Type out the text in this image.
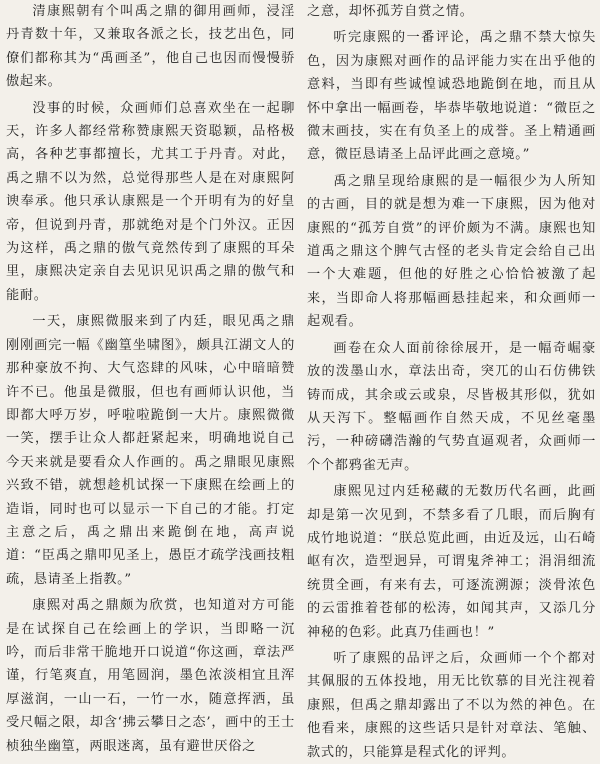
清康熙朝有个叫禹之鼎的御用画师，浸淫丹青数十年，又兼取各派之长，技艺出色，同僚们都称其为“禹画圣”，他自己也因而慢慢骄傲起来。

没事的时候，众画师们总喜欢坐在一起聊天，许多人都经常称赞康熙天资聪颖，品格极高，各种艺事都擅长，尤其工于丹青。对此，禹之鼎不以为然，总觉得那些人是在对康熙阿谀奉承。他只承认康熙是一个开明有为的好皇帝，但说到丹青，那就绝对是个门外汉。正因为这样，禹之鼎的傲气竟然传到了康熙的耳朵里，康熙决定亲自去见识见识禹之鼎的傲气和能耐。

一天，康熙微服来到了内廷，眼见禹之鼎刚刚画完一幅《幽篁坐啸图》，颇具江湖文人的那种豪放不拘、大气恣肆的风味，心中暗暗赞许不已。他虽是微服，但也有画师认识他，当即都大呼万岁，呼啦啦跪倒一大片。康熙微微一笑，摆手让众人都赶紧起来，明确地说自己今天来就是要看众人作画的。禹之鼎眼见康熙兴致不错，就想趁机试探一下康熙在绘画上的造诣，同时也可以显示一下自己的才能。打定主意之后，禹之鼎出来跪倒在地，高声说道：“臣禹之鼎叩见圣上，愚臣才疏学浅画技粗疏，恳请圣上指教。”

康熙对禹之鼎颇为欣赏，也知道对方可能是在试探自己在绘画上的学识，当即略一沉吟，而后非常干脆地开口说道“你这画，章法严谨，行笔爽直，用笔圆润，墨色浓淡相宜且浑厚滋润，一山一石，一竹一水，随意挥洒，虽受尺幅之限，却含‘拂云攀日之态’，画中的王士桢独坐幽篁，两眼迷离，虽有避世厌俗之

之意，却怀孤芳自赏之情。

听完康熙的一番评论，禹之鼎不禁大惊失色，因为康熙对画作的品评能力实在出乎他的意料，当即有些诚惶诚恐地跪倒在地，而且从怀中拿出一幅画卷，毕恭毕敬地说道：“微臣之微末画技，实在有负圣上的成誉。圣上精通画意，微臣恳请圣上品评此画之意境。”

禹之鼎呈现给康熙的是一幅很少为人所知的古画，目的就是想为难一下康熙，因为他对康熙的“孤芳自赏”的评价颇为不满。康熙也知道禹之鼎这个脾气古怪的老头肯定会给自己出一个大难题，但他的好胜之心恰恰被激了起来，当即命人将那幅画悬挂起来，和众画师一起观看。

画卷在众人面前徐徐展开，是一幅奇崛豪放的泼墨山水，章法出奇，突兀的山石仿佛铁铸而成，其余或云或泉，尽皆极其形似，犹如从天泻下。整幅画作自然天成，不见丝毫墨污，一种磅礴浩瀚的气势直逼观者，众画师一个个都鸦雀无声。

康熙见过内廷秘藏的无数历代名画，此画却是第一次见到，不禁多看了几眼，而后胸有成竹地说道：“朕总览此画，由近及远，山石崎岖有次，造型迥异，可谓鬼斧神工；涓涓细流统贯全画，有来有去，可逐流溯源；淡骨浓色的云雷推着苍郁的松涛，如闻其声，又添几分神秘的色彩。此真乃佳画也！”

听了康熙的品评之后，众画师一个个都对其佩服的五体投地，用无比钦慕的目光注视着康熙，但禹之鼎却露出了不以为然的神色。在他看来，康熙的这些话只是针对章法、笔触、款式的，只能算是程式化的评判。
